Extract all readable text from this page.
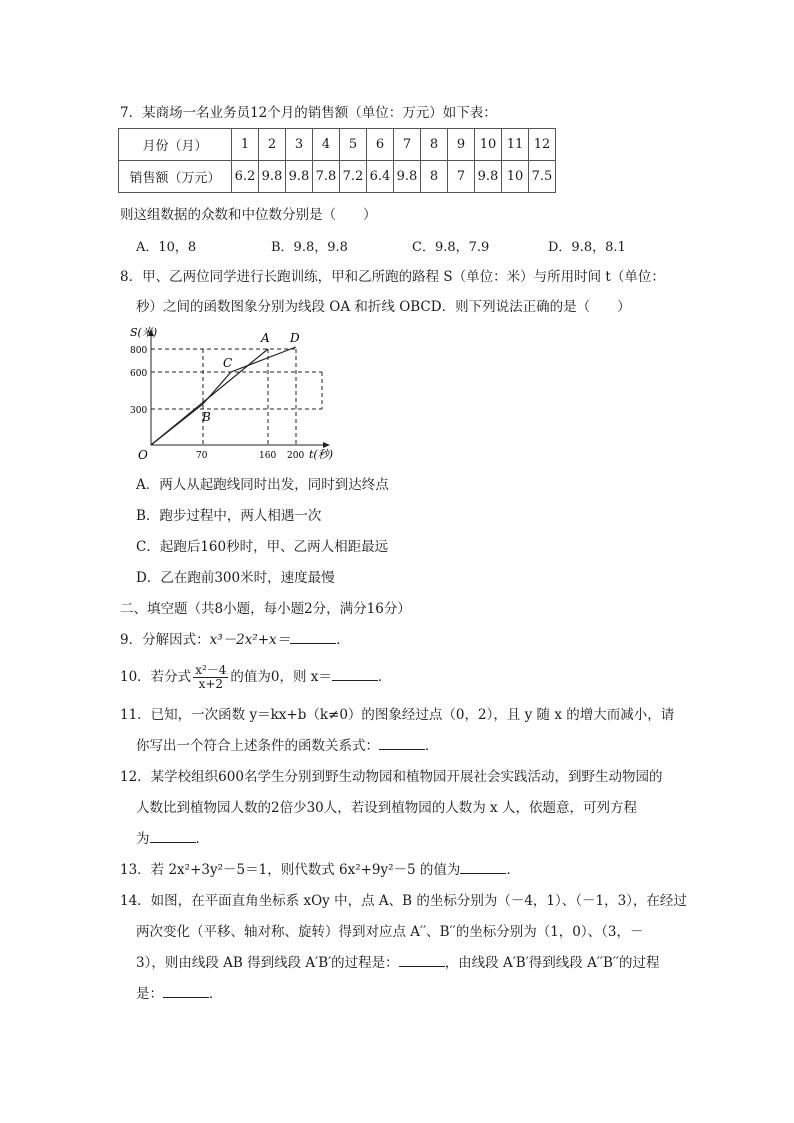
7．某商场一名业务员12个月的销售额（单位：万元）如下表：
月份（月）	1	2	3	4	5	6	7	8	9	10	11	12
销售额（万元）	6.2	9.8	9.8	7.8	7.2	6.4	9.8	8	7	9.8	10	7.5
则这组数据的众数和中位数分别是（　　）
A．10，8	B．9.8，9.8	C．9.8，7.9	D．9.8，8.1
8．甲、乙两位同学进行长跑训练，甲和乙所跑的路程 S（单位：米）与所用时间 t（单位：
秒）之间的函数图象分别为线段 OA 和折线 OBCD．则下列说法正确的是（　　）
S(米)
t(秒)
O
800
600
300
70	160 200
A
B
C
D
A．两人从起跑线同时出发，同时到达终点
B．跑步过程中，两人相遇一次
C．起跑后160秒时，甲、乙两人相距最远
D．乙在跑前300米时，速度最慢
二、填空题（共8小题，每小题2分，满分16分）
9．分解因式：x³－2x²+x＝	．
10．若分式 $\frac{\text{x²－4}}{x+2}$ 的值为0，则 x＝	．
11．已知，一次函数 y＝kx+b（k≠0）的图象经过点（0，2），且 y 随 x 的增大而减小，请
你写出一个符合上述条件的函数关系式：	．
12．某学校组织600名学生分别到野生动物园和植物园开展社会实践活动，到野生动物园的
人数比到植物园人数的2倍少30人，若设到植物园的人数为 x 人，依题意，可列方程
为	．
13．若 2x²+3y²－5＝1，则代数式 6x²+9y²－5 的值为	．
14．如图，在平面直角坐标系 xOy 中，点 A、B 的坐标分别为（－4，1）、（－1，3），在经过
两次变化（平移、轴对称、旋转）得到对应点 A′′、B′′的坐标分别为（1，0）、（3，－
3），则由线段 AB 得到线段 A′B′的过程是：	，由线段 A′B′得到线段 A′′B′′的过程
是：	．
